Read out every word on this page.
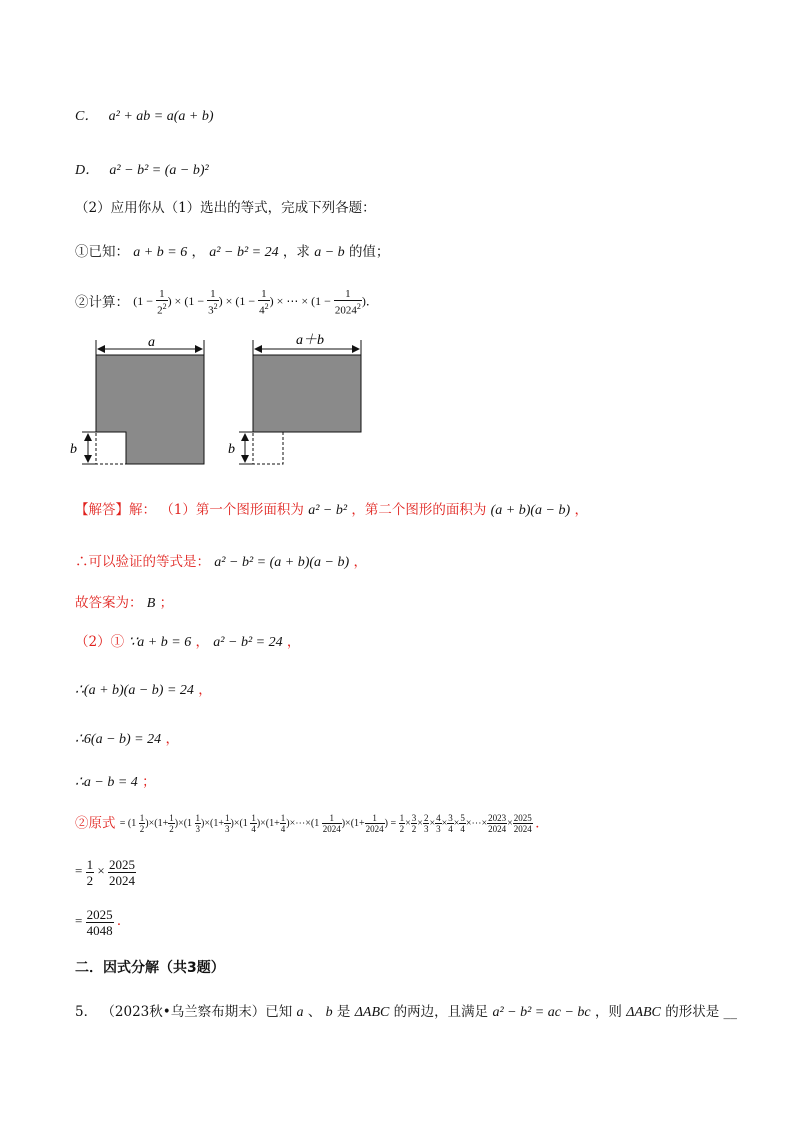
C． a² + ab = a(a + b)
D． a² − b² = (a − b)²
（2）应用你从（1）选出的等式，完成下列各题：
①已知： a + b = 6 ， a² − b² = 24 ，求 a − b 的值；
②计算： ($1 - \frac{1}{2^2}$ ) × ($1 - \frac{1}{3^2}$ ) × ($1 - \frac{1}{4^2}$ ) × ⋯ × ($1 - \frac{1}{2024^2}$ )．
a
b
a＋b
b
【解答】解： （1）第一个图形面积为 a² − b² ，第二个图形的面积为 (a + b)(a − b) ，
∴可以验证的等式是： a² − b² = (a + b)(a − b) ，
故答案为： B ；
（2）① ∵a + b = 6 ， a² − b² = 24 ，
∴(a + b)(a − b) = 24 ，
∴6(a − b) = 24 ，
∴a − b = 4 ；
②原式 = $(1 \frac{1}{2} )\times(1+ \frac{1}{2} )\times(1 \frac{1}{3} )\times(1+ \frac{1}{3} )\times(1 \frac{1}{4} )\times(1+ \frac{1}{4}$ )×⋯×(1 $\frac{1}{2024} )\times(1+ \frac{1}{2024}$ ) = $\frac{1}{2} \times \frac{3}{2} \times \frac{2}{3} \times \frac{4}{3} \times \frac{3}{4} \times \frac{5}{4}$ ×⋯× $\frac{2023}{2024} \times \frac{2025}{2024}$ ．
= $\frac{1}{2} \times \frac{2025}{2024}$
= $\frac{2025}{4048}$ ．
二．因式分解（共3题）
5． （2023秋•乌兰察布期末）已知 a 、 b 是 ΔABC 的两边，且满足 a² − b² = ac − bc ，则 ΔABC 的形状是 __
